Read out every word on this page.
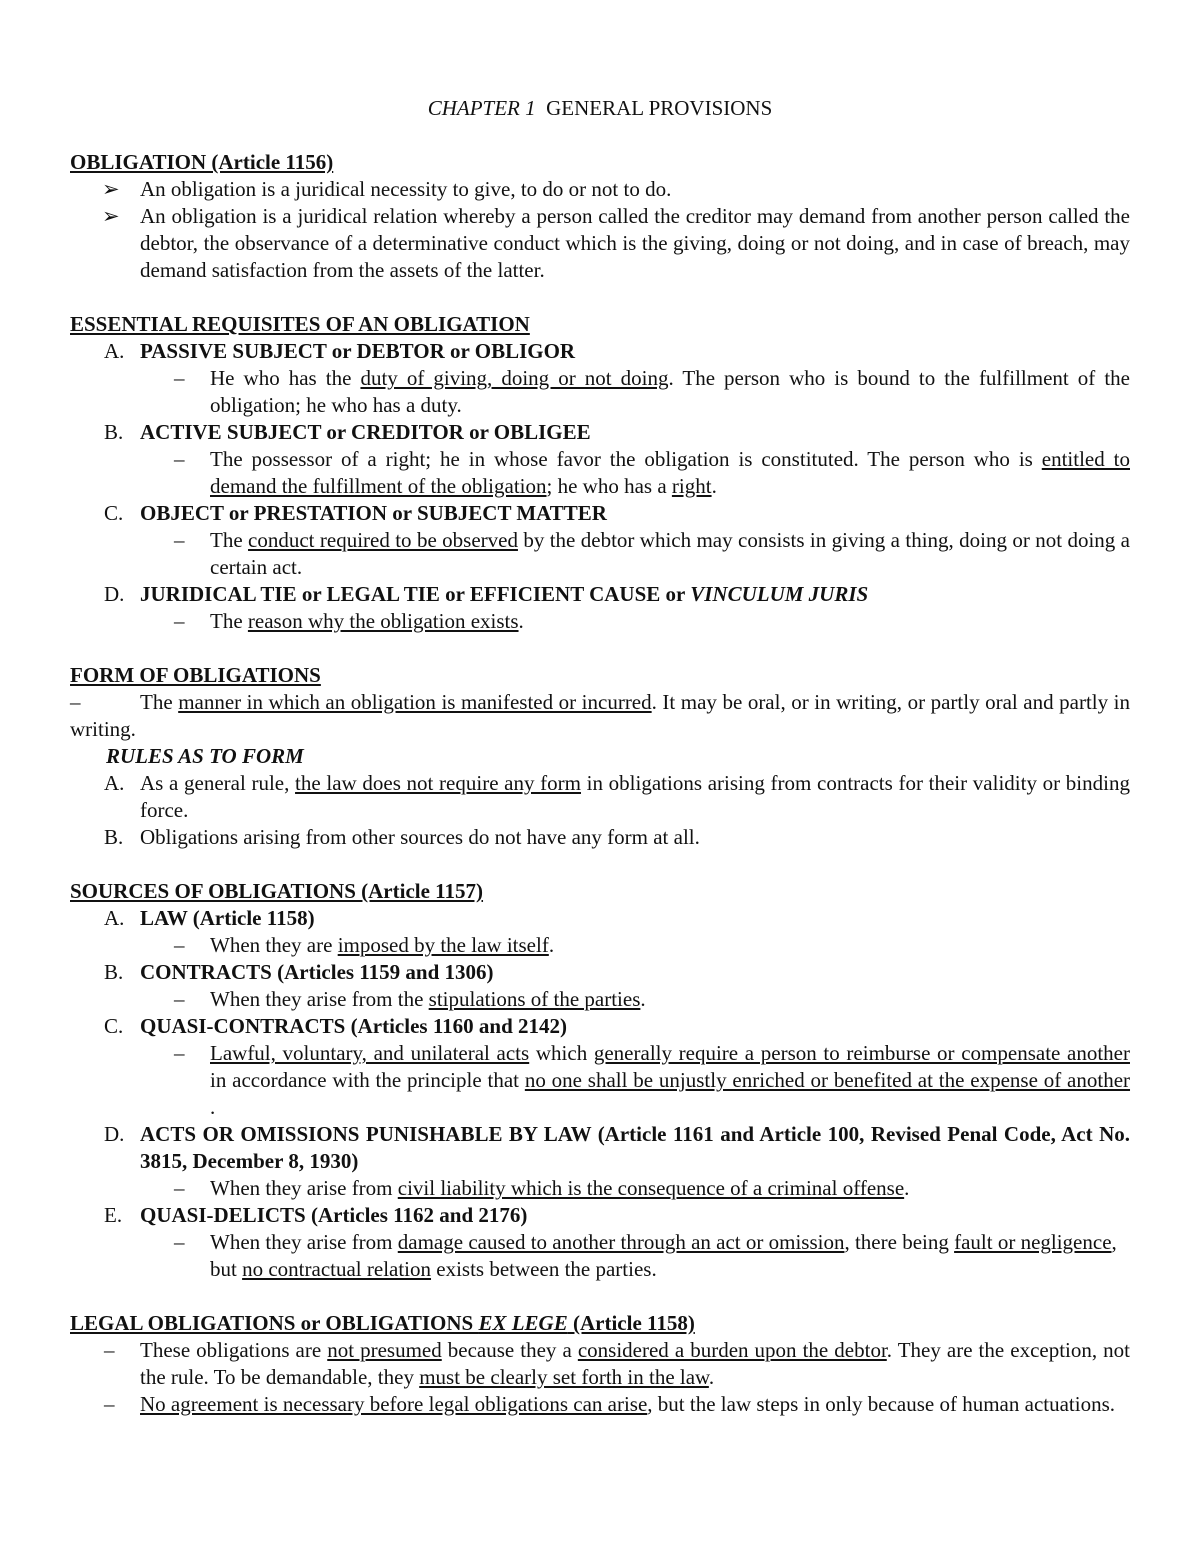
CHAPTER 1 GENERAL PROVISIONS
OBLIGATION (Article 1156)
➢ An obligation is a juridical necessity to give, to do or not to do.
➢ An obligation is a juridical relation whereby a person called the creditor may demand from another person called the debtor, the observance of a determinative conduct which is the giving, doing or not doing, and in case of breach, may demand satisfaction from the assets of the latter.
ESSENTIAL REQUISITES OF AN OBLIGATION
A. PASSIVE SUBJECT or DEBTOR or OBLIGOR
–	He who has the duty of giving, doing or not doing. The person who is bound to the fulfillment of the obligation; he who has a duty.
B. ACTIVE SUBJECT or CREDITOR or OBLIGEE
–	The possessor of a right; he in whose favor the obligation is constituted. The person who is entitled to demand the fulfillment of the obligation; he who has a right.
C. OBJECT or PRESTATION or SUBJECT MATTER
–	The conduct required to be observed by the debtor which may consists in giving a thing, doing or not doing a certain act.
D. JURIDICAL TIE or LEGAL TIE or EFFICIENT CAUSE or VINCULUM JURIS
–	The reason why the obligation exists.
FORM OF OBLIGATIONS
–	The manner in which an obligation is manifested or incurred. It may be oral, or in writing, or partly oral and partly in writing.
RULES AS TO FORM
A. As a general rule, the law does not require any form in obligations arising from contracts for their validity or binding force.
B. Obligations arising from other sources do not have any form at all.
SOURCES OF OBLIGATIONS (Article 1157)
A. LAW (Article 1158)
–	When they are imposed by the law itself.
B. CONTRACTS (Articles 1159 and 1306)
–	When they arise from the stipulations of the parties.
C. QUASI-CONTRACTS (Articles 1160 and 2142)
–	Lawful, voluntary, and unilateral acts which generally require a person to reimburse or compensate another in accordance with the principle that no one shall be unjustly enriched or benefited at the expense of another .
D. ACTS OR OMISSIONS PUNISHABLE BY LAW (Article 1161 and Article 100, Revised Penal Code, Act No. 3815, December 8, 1930)
–	When they arise from civil liability which is the consequence of a criminal offense.
E. QUASI-DELICTS (Articles 1162 and 2176)
–	When they arise from damage caused to another through an act or omission, there being fault or negligence, but no contractual relation exists between the parties.
LEGAL OBLIGATIONS or OBLIGATIONS EX LEGE (Article 1158)
–	These obligations are not presumed because they a considered a burden upon the debtor. They are the exception, not the rule. To be demandable, they must be clearly set forth in the law.
–	No agreement is necessary before legal obligations can arise, but the law steps in only because of human actuations.
